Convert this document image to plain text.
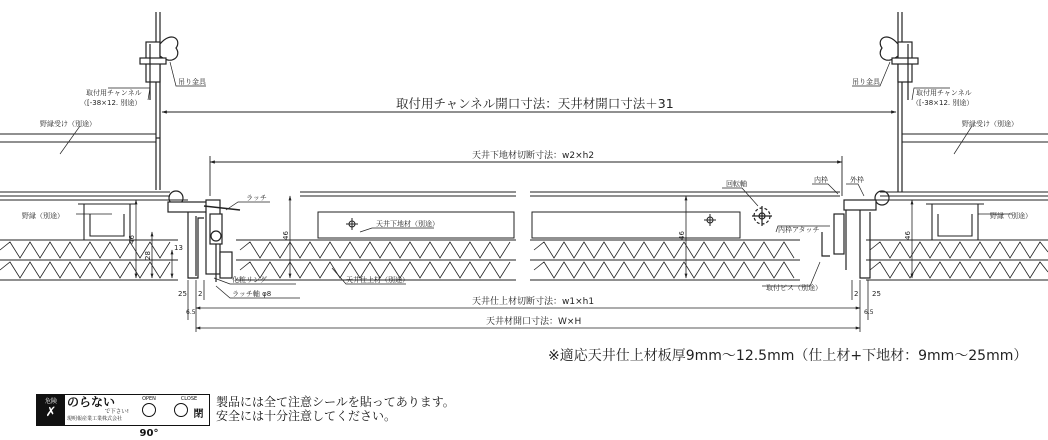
取付用チャンネル開口寸法：天井材開口寸法＋31
天井下地材切断寸法：w2×h2
46
28
13
46	46	46
天井仕上材切断寸法：w1×h1
天井材開口寸法：W×H
25 2
6.5
2 25
6.5
吊り金具
取付用チャンネル
（[-38×12. 別途）
野縁受け（別途）
野縁（別途）
ラッチ
天井下地材（別途）
天井仕上材（別途）
化粧リング
ラッチ軸 φ8
吊り金具
取付用チャンネル
（[-38×12. 別途）
野縁受け（別途）
野縁（別途）
回転軸	内枠	外枠
内枠アタッチ
取付ビス（別途）
※適応天井仕上材板厚9mm〜12.5mm（仕上材+下地材：9mm〜25mm）
危険
✗
のらない
で下さい!
現明報産業工業株式会社
OPEN
90°
CLOSE
閉
製品には全て注意シールを貼ってあります。
安全には十分注意してください。
